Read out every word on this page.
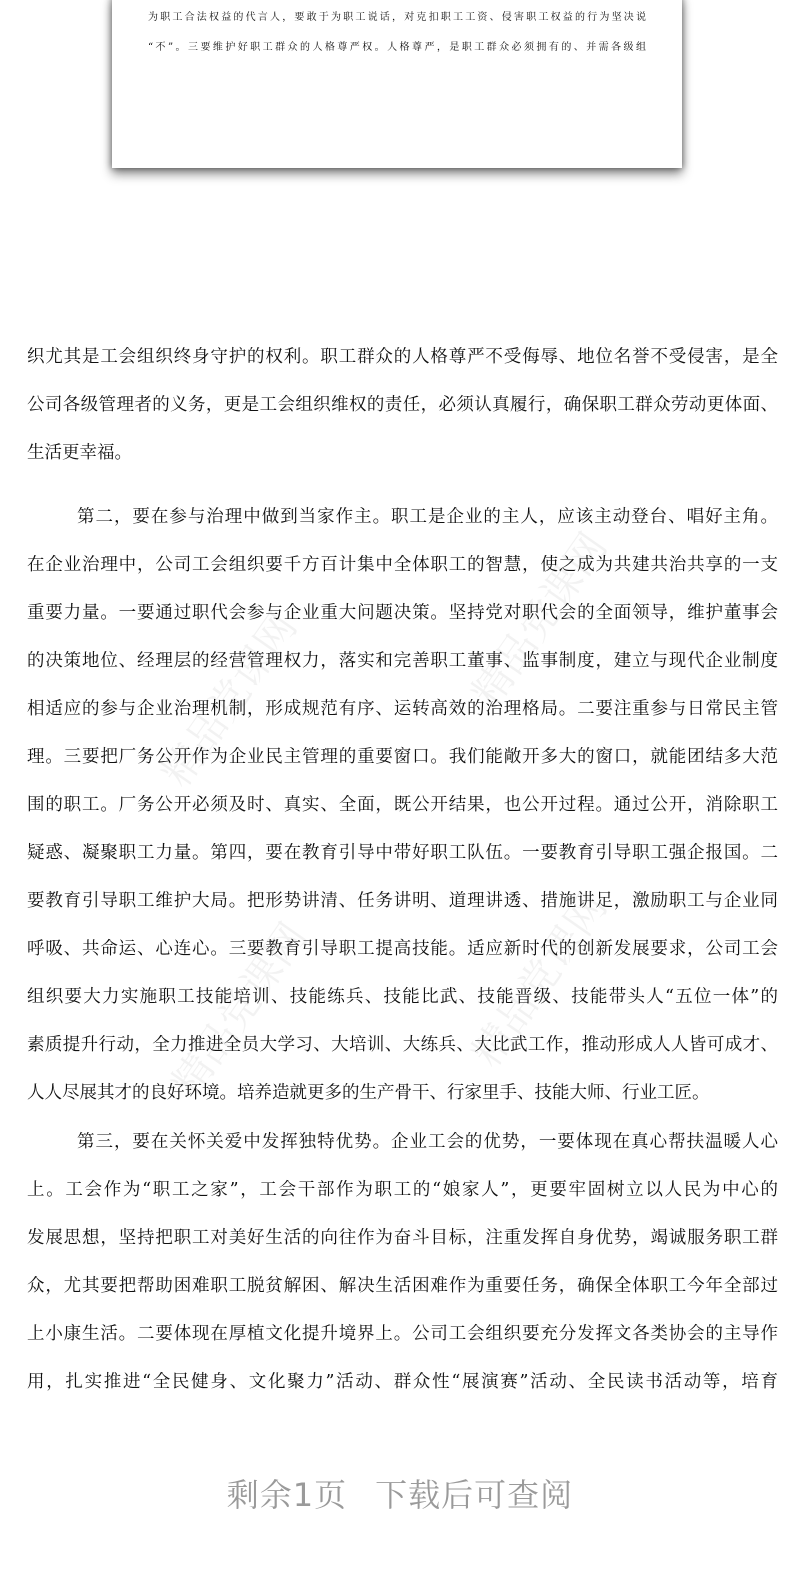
为职工合法权益的代言人，要敢于为职工说话，对克扣职工工资、侵害职工权益的行为坚决说
“不”。三要维护好职工群众的人格尊严权。人格尊严，是职工群众必须拥有的、并需各级组
精品党课网	精品党课网
精品党课网	精品党课网
织尤其是工会组织终身守护的权利。职工群众的人格尊严不受侮辱、地位名誉不受侵害，是全
公司各级管理者的义务，更是工会组织维权的责任，必须认真履行，确保职工群众劳动更体面、
生活更幸福。
第二，要在参与治理中做到当家作主。职工是企业的主人，应该主动登台、唱好主角。
在企业治理中，公司工会组织要千方百计集中全体职工的智慧，使之成为共建共治共享的一支
重要力量。一要通过职代会参与企业重大问题决策。坚持党对职代会的全面领导，维护董事会
的决策地位、经理层的经营管理权力，落实和完善职工董事、监事制度，建立与现代企业制度
相适应的参与企业治理机制，形成规范有序、运转高效的治理格局。二要注重参与日常民主管
理。三要把厂务公开作为企业民主管理的重要窗口。我们能敞开多大的窗口，就能团结多大范
围的职工。厂务公开必须及时、真实、全面，既公开结果，也公开过程。通过公开，消除职工
疑惑、凝聚职工力量。第四，要在教育引导中带好职工队伍。一要教育引导职工强企报国。二
要教育引导职工维护大局。把形势讲清、任务讲明、道理讲透、措施讲足，激励职工与企业同
呼吸、共命运、心连心。三要教育引导职工提高技能。适应新时代的创新发展要求，公司工会
组织要大力实施职工技能培训、技能练兵、技能比武、技能晋级、技能带头人“五位一体”的
素质提升行动，全力推进全员大学习、大培训、大练兵、大比武工作，推动形成人人皆可成才、
人人尽展其才的良好环境。培养造就更多的生产骨干、行家里手、技能大师、行业工匠。
第三，要在关怀关爱中发挥独特优势。企业工会的优势，一要体现在真心帮扶温暖人心
上。工会作为“职工之家”，工会干部作为职工的“娘家人”，更要牢固树立以人民为中心的
发展思想，坚持把职工对美好生活的向往作为奋斗目标，注重发挥自身优势，竭诚服务职工群
众，尤其要把帮助困难职工脱贫解困、解决生活困难作为重要任务，确保全体职工今年全部过
上小康生活。二要体现在厚植文化提升境界上。公司工会组织要充分发挥文各类协会的主导作
用，扎实推进“全民健身、文化聚力”活动、群众性“展演赛”活动、全民读书活动等，培育
剩余1页 下载后可查阅
